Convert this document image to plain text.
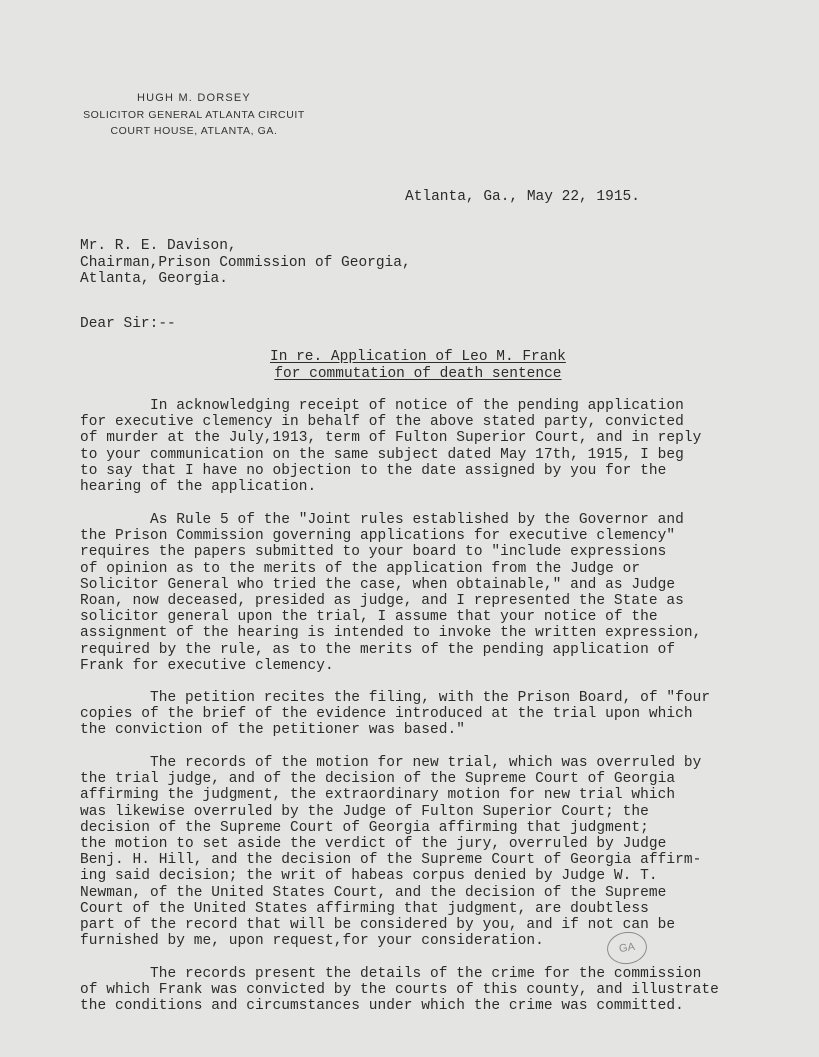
HUGH M. DORSEY
SOLICITOR GENERAL ATLANTA CIRCUIT
COURT HOUSE, ATLANTA, GA.
Atlanta, Ga., May 22, 1915.
Mr. R. E. Davison,
Chairman,Prison Commission of Georgia,
Atlanta, Georgia.
Dear Sir:--
In re. Application of Leo M. Frank
for commutation of death sentence
In acknowledging receipt of notice of the pending application
for executive clemency in behalf of the above stated party, convicted
of murder at the July,1913, term of Fulton Superior Court, and in reply
to your communication on the same subject dated May 17th, 1915, I beg
to say that I have no objection to the date assigned by you for the
hearing of the application.
As Rule 5 of the "Joint rules established by the Governor and
the Prison Commission governing applications for executive clemency"
requires the papers submitted to your board to "include expressions
of opinion as to the merits of the application from the Judge or
Solicitor General who tried the case, when obtainable," and as Judge
Roan, now deceased, presided as judge, and I represented the State as
solicitor general upon the trial, I assume that your notice of the
assignment of the hearing is intended to invoke the written expression,
required by the rule, as to the merits of the pending application of
Frank for executive clemency.
The petition recites the filing, with the Prison Board, of "four
copies of the brief of the evidence introduced at the trial upon which
the conviction of the petitioner was based."
The records of the motion for new trial, which was overruled by
the trial judge, and of the decision of the Supreme Court of Georgia
affirming the judgment, the extraordinary motion for new trial which
was likewise overruled by the Judge of Fulton Superior Court; the
decision of the Supreme Court of Georgia affirming that judgment;
the motion to set aside the verdict of the jury, overruled by Judge
Benj. H. Hill, and the decision of the Supreme Court of Georgia affirm-
ing said decision; the writ of habeas corpus denied by Judge W. T.
Newman, of the United States Court, and the decision of the Supreme
Court of the United States affirming that judgment, are doubtless
part of the record that will be considered by you, and if not can be
furnished by me, upon request,for your consideration.
The records present the details of the crime for the commission
of which Frank was convicted by the courts of this county, and illustrate
the conditions and circumstances under which the crime was committed.
GA
